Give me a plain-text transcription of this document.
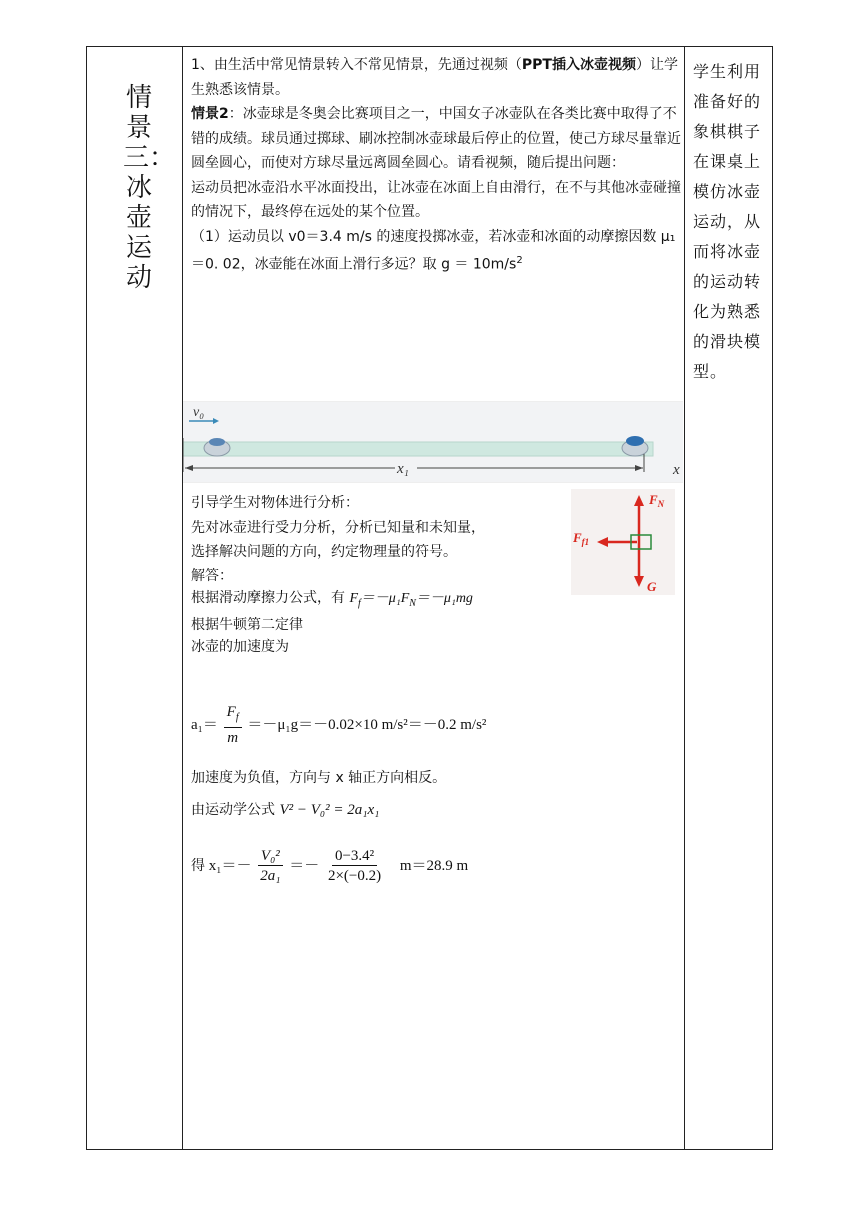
情景三：冰壶运动

1、由生活中常见情景转入不常见情景，先通过视频（PPT插入冰壶视频）让学生熟悉该情景。

情景2：冰壶球是冬奥会比赛项目之一，中国女子冰壶队在各类比赛中取得了不错的成绩。球员通过掷球、刷冰控制冰壶球最后停止的位置，使己方球尽量靠近圆垒圆心，而使对方球尽量远离圆垒圆心。请看视频，随后提出问题：

运动员把冰壶沿水平冰面投出，让冰壶在冰面上自由滑行，在不与其他冰壶碰撞的情况下，最终停在远处的某个位置。

（1）运动员以 v0＝3.4 m/s 的速度投掷冰壶，若冰壶和冰面的动摩擦因数 μ₁＝0. 02，冰壶能在冰面上滑行多远？取 $g = 10m/s^2$

v₀
x₁	x
$F_N$
$F_{f1}$
G

引导学生对物体进行分析：

先对冰壶进行受力分析，分析已知量和未知量，

选择解决问题的方向，约定物理量的符号。

解答：

根据滑动摩擦力公式，有 $F_f=-\mu_1F_N=-\mu_1mg$

根据牛顿第二定律

冰壶的加速度为

$a_1= \frac{F_f}{m} =-\mu_1g=-0.02\times 10$ m/s²＝－0.2 m/s²
加速度为负值，方向与 x 轴正方向相反。
由运动学公式 V² − V₀² = 2a₁x₁
得 $x_1=- \frac{\text{V₀²}}{\text{2a₁}} =- \frac{\text{0−3.4²}}{2\times(-0.2)} m=28.9$ m
学生利用准备好的象棋棋子在课桌上模仿冰壶运动，从而将冰壶的运动转化为熟悉的滑块模型。
